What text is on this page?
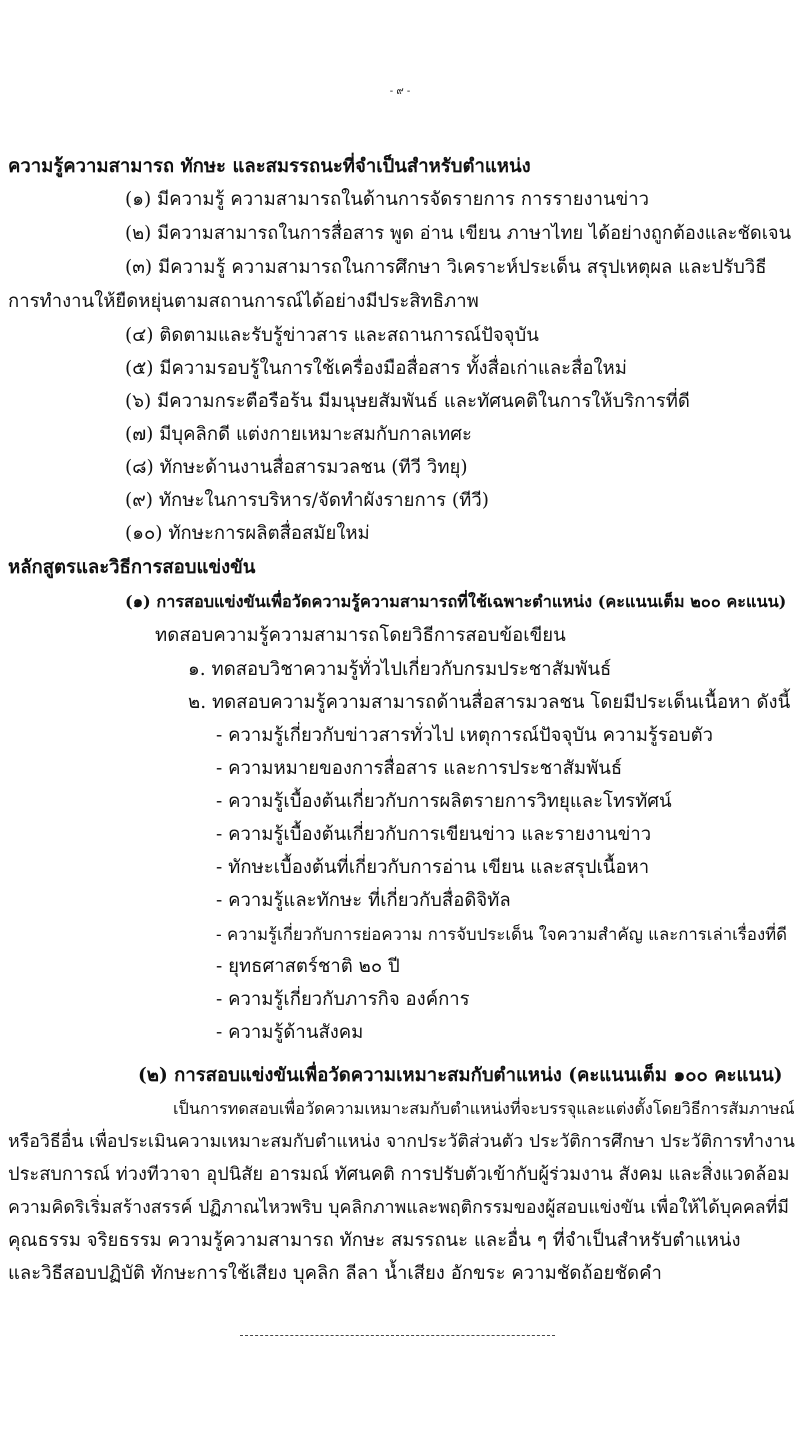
- ๙ -
ความรู้ความสามารถ ทักษะ และสมรรถนะที่จำเป็นสำหรับตำแหน่ง
(๑) มีความรู้ ความสามารถในด้านการจัดรายการ การรายงานข่าว
(๒) มีความสามารถในการสื่อสาร พูด อ่าน เขียน ภาษาไทย ได้อย่างถูกต้องและชัดเจน
(๓) มีความรู้ ความสามารถในการศึกษา วิเคราะห์ประเด็น สรุปเหตุผล และปรับวิธี
การทำงานให้ยืดหยุ่นตามสถานการณ์ได้อย่างมีประสิทธิภาพ
(๔) ติดตามและรับรู้ข่าวสาร และสถานการณ์ปัจจุบัน
(๕) มีความรอบรู้ในการใช้เครื่องมือสื่อสาร ทั้งสื่อเก่าและสื่อใหม่
(๖) มีความกระตือรือร้น มีมนุษยสัมพันธ์ และทัศนคติในการให้บริการที่ดี
(๗) มีบุคลิกดี แต่งกายเหมาะสมกับกาลเทศะ
(๘) ทักษะด้านงานสื่อสารมวลชน (ทีวี วิทยุ)
(๙) ทักษะในการบริหาร/จัดทำผังรายการ (ทีวี)
(๑๐) ทักษะการผลิตสื่อสมัยใหม่
หลักสูตรและวิธีการสอบแข่งขัน
(๑) การสอบแข่งขันเพื่อวัดความรู้ความสามารถที่ใช้เฉพาะตำแหน่ง (คะแนนเต็ม ๒๐๐ คะแนน)
ทดสอบความรู้ความสามารถโดยวิธีการสอบข้อเขียน
๑. ทดสอบวิชาความรู้ทั่วไปเกี่ยวกับกรมประชาสัมพันธ์
๒. ทดสอบความรู้ความสามารถด้านสื่อสารมวลชน โดยมีประเด็นเนื้อหา ดังนี้
- ความรู้เกี่ยวกับข่าวสารทั่วไป เหตุการณ์ปัจจุบัน ความรู้รอบตัว
- ความหมายของการสื่อสาร และการประชาสัมพันธ์
- ความรู้เบื้องต้นเกี่ยวกับการผลิตรายการวิทยุและโทรทัศน์
- ความรู้เบื้องต้นเกี่ยวกับการเขียนข่าว และรายงานข่าว
- ทักษะเบื้องต้นที่เกี่ยวกับการอ่าน เขียน และสรุปเนื้อหา
- ความรู้และทักษะ ที่เกี่ยวกับสื่อดิจิทัล
- ความรู้เกี่ยวกับการย่อความ การจับประเด็น ใจความสำคัญ และการเล่าเรื่องที่ดี
- ยุทธศาสตร์ชาติ ๒๐ ปี
- ความรู้เกี่ยวกับภารกิจ องค์การ
- ความรู้ด้านสังคม
(๒) การสอบแข่งขันเพื่อวัดความเหมาะสมกับตำแหน่ง (คะแนนเต็ม ๑๐๐ คะแนน)
เป็นการทดสอบเพื่อวัดความเหมาะสมกับตำแหน่งที่จะบรรจุและแต่งตั้งโดยวิธีการสัมภาษณ์
หรือวิธีอื่น เพื่อประเมินความเหมาะสมกับตำแหน่ง จากประวัติส่วนตัว ประวัติการศึกษา ประวัติการทำงาน
ประสบการณ์ ท่วงทีวาจา อุปนิสัย อารมณ์ ทัศนคติ การปรับตัวเข้ากับผู้ร่วมงาน สังคม และสิ่งแวดล้อม
ความคิดริเริ่มสร้างสรรค์ ปฏิภาณไหวพริบ บุคลิกภาพและพฤติกรรมของผู้สอบแข่งขัน เพื่อให้ได้บุคคลที่มี
คุณธรรม จริยธรรม ความรู้ความสามารถ ทักษะ สมรรถนะ และอื่น ๆ ที่จำเป็นสำหรับตำแหน่ง
และวิธีสอบปฏิบัติ ทักษะการใช้เสียง บุคลิก ลีลา น้ำเสียง อักขระ ความชัดถ้อยชัดคำ
